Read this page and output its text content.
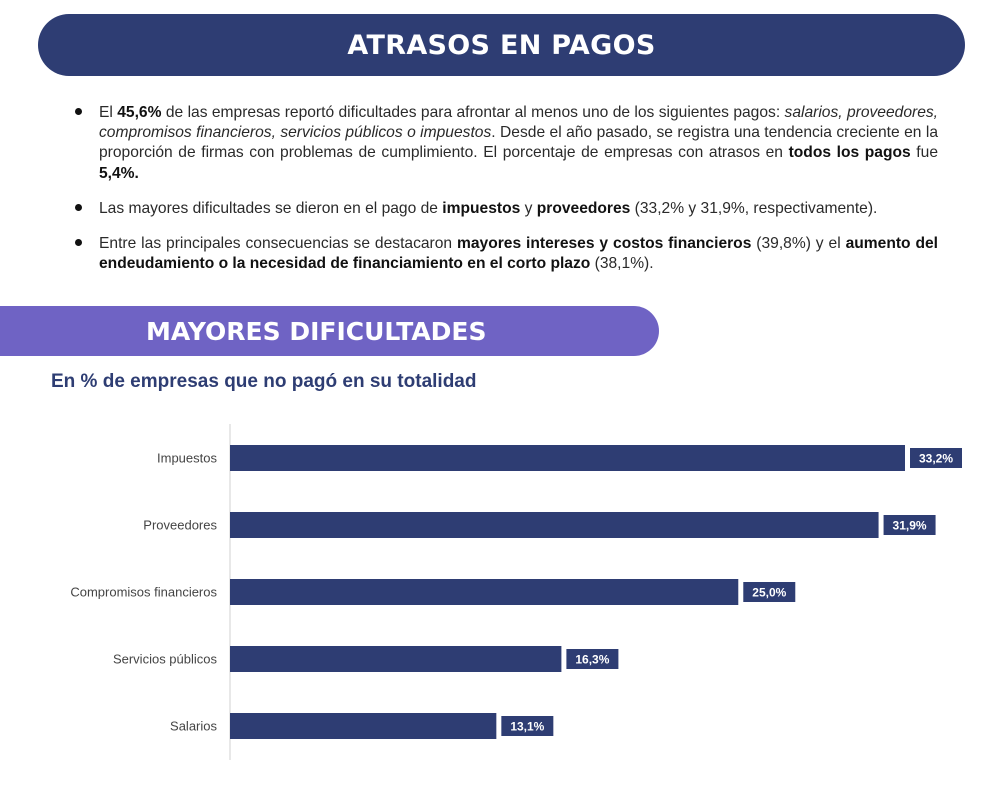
ATRASOS EN PAGOS
El 45,6% de las empresas reportó dificultades para afrontar al menos uno de los siguientes pagos: salarios, proveedores, compromisos financieros, servicios públicos o impuestos. Desde el año pasado, se registra una tendencia creciente en la proporción de firmas con problemas de cumplimiento. El porcentaje de empresas con atrasos en todos los pagos fue 5,4%.
Las mayores dificultades se dieron en el pago de impuestos y proveedores (33,2% y 31,9%, respectivamente).
Entre las principales consecuencias se destacaron mayores intereses y costos financieros (39,8%) y el aumento del endeudamiento o la necesidad de financiamiento en el corto plazo (38,1%).
MAYORES DIFICULTADES
En % de empresas que no pagó en su totalidad
Impuestos	33,2%
Proveedores	31,9%
Compromisos financieros	25,0%
Servicios públicos	16,3%
Salarios	13,1%
